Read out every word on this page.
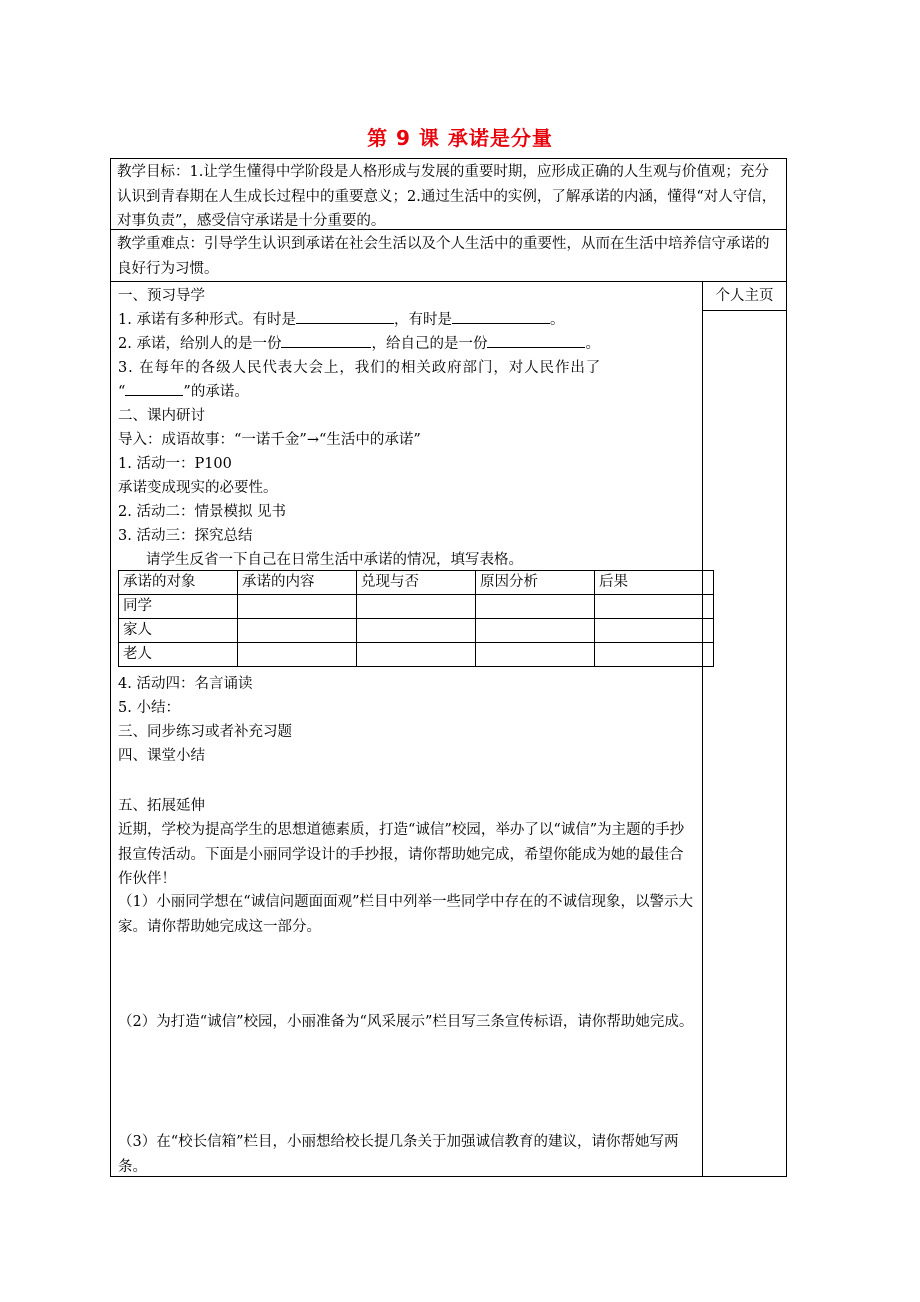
第 9 课 承诺是分量
教学目标：1.让学生懂得中学阶段是人格形成与发展的重要时期，应形成正确的人生观与价值观；充分认识到青春期在人生成长过程中的重要意义；2.通过生活中的实例，了解承诺的内涵，懂得“对人守信，对事负责”，感受信守承诺是十分重要的。
教学重难点：引导学生认识到承诺在社会生活以及个人生活中的重要性，从而在生活中培养信守承诺的良好行为习惯。
个人主页
一、预习导学
1. 承诺有多种形式。有时是	，有时是	。
2. 承诺，给别人的是一份	，给自己的是一份	。
3. 在每年的各级人民代表大会上，我们的相关政府部门，对人民作出了
“	”的承诺。
二、课内研讨
导入：成语故事：“一诺千金”→“生活中的承诺”
1. 活动一：P100
承诺变成现实的必要性。
2. 活动二：情景模拟 见书
3. 活动三：探究总结
请学生反省一下自己在日常生活中承诺的情况，填写表格。
承诺的对象	承诺的内容	兑现与否	原因分析	后果
同学				
家人				
老人				
4. 活动四：名言诵读
5. 小结：
三、同步练习或者补充习题
四、课堂小结
五、拓展延伸
近期，学校为提高学生的思想道德素质，打造“诚信”校园，举办了以“诚信”为主题的手抄报宣传活动。下面是小丽同学设计的手抄报，请你帮助她完成，希望你能成为她的最佳合作伙伴！
（1）小丽同学想在“诚信问题面面观”栏目中列举一些同学中存在的不诚信现象，以警示大家。请你帮助她完成这一部分。
（2）为打造“诚信”校园，小丽准备为“风采展示”栏目写三条宣传标语，请你帮助她完成。
（3）在“校长信箱”栏目，小丽想给校长提几条关于加强诚信教育的建议，请你帮她写两条。
